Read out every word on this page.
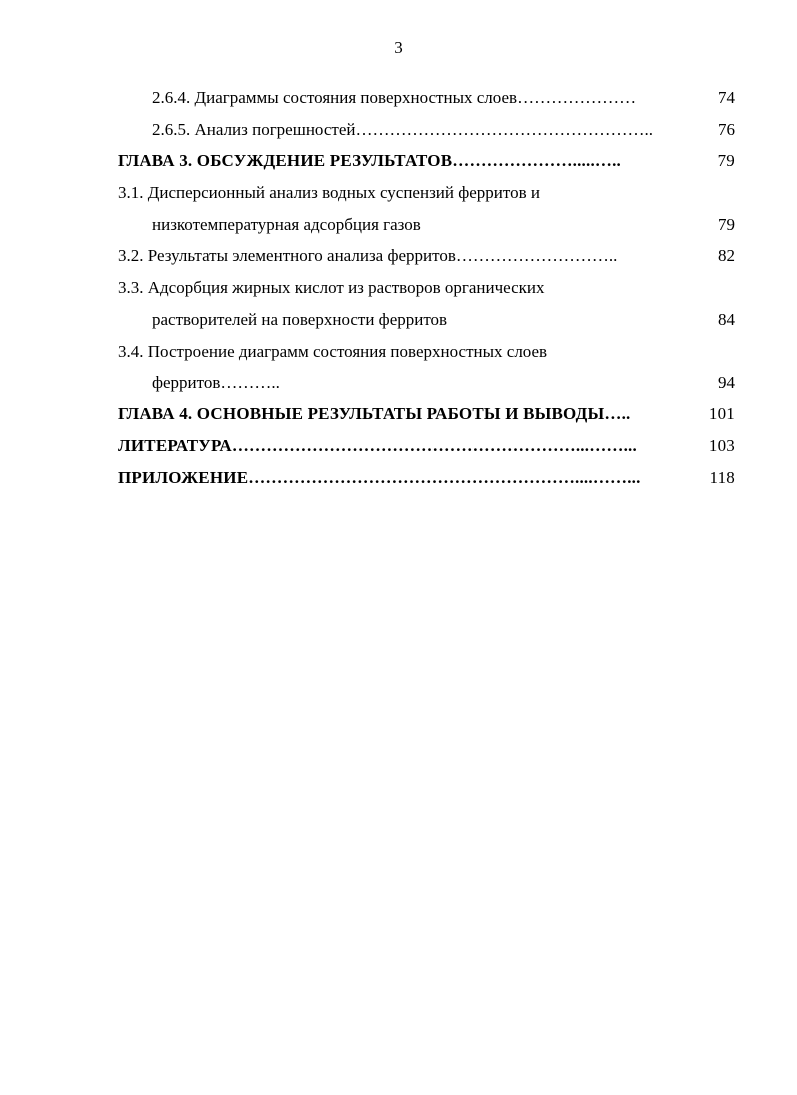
3
2.6.4. Диаграммы состояния поверхностных слоев…………………	74
2.6.5. Анализ погрешностей……………………………………………..	76
ГЛАВА 3. ОБСУЖДЕНИЕ РЕЗУЛЬТАТОВ………………….....…..	79
3.1. Дисперсионный анализ водных суспензий ферритов и
низкотемпературная адсорбция газов	79
3.2. Результаты элементного анализа ферритов………………………..	82
3.3. Адсорбция жирных кислот из растворов органических
растворителей на поверхности ферритов	84
3.4. Построение диаграмм состояния поверхностных слоев
ферритов………..	94
ГЛАВА 4. ОСНОВНЫЕ РЕЗУЛЬТАТЫ РАБОТЫ И ВЫВОДЫ…..	101
ЛИТЕРАТУРА……………………………………………………...……...	103
ПРИЛОЖЕНИЕ…………………………………………………....……...	118
